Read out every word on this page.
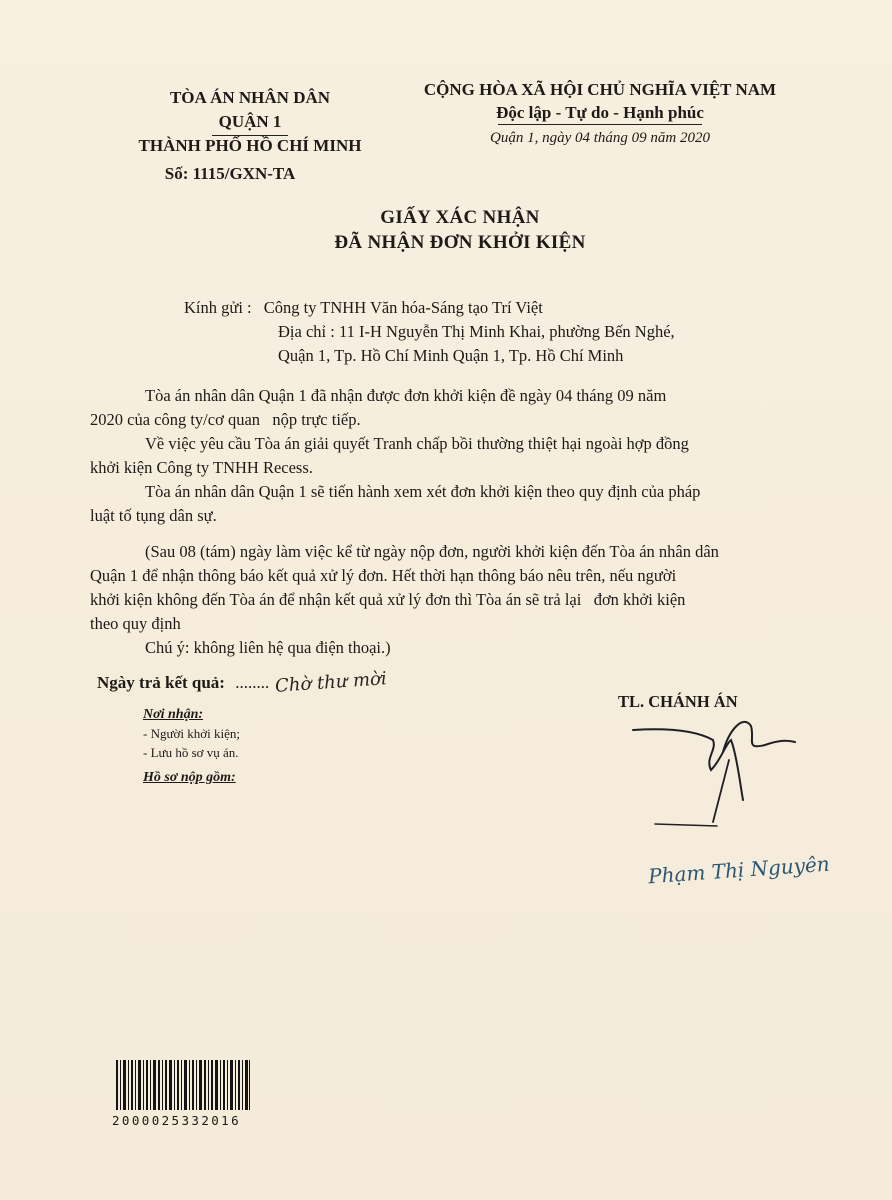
TÒA ÁN NHÂN DÂN
QUẬN 1
THÀNH PHỐ HỒ CHÍ MINH
Số: 1115/GXN-TA
CỘNG HÒA XÃ HỘI CHỦ NGHĨA VIỆT NAM
Độc lập - Tự do - Hạnh phúc
Quận 1, ngày 04 tháng 09 năm 2020
GIẤY XÁC NHẬN
ĐÃ NHẬN ĐƠN KHỞI KIỆN
Kính gửi : Công ty TNHH Văn hóa-Sáng tạo Trí Việt
Địa chỉ : 11 I-H Nguyễn Thị Minh Khai, phường Bến Nghé,
Quận 1, Tp. Hồ Chí Minh Quận 1, Tp. Hồ Chí Minh
Tòa án nhân dân Quận 1 đã nhận được đơn khởi kiện đề ngày 04 tháng 09 năm
2020 của công ty/cơ quan   nộp trực tiếp.
Về việc yêu cầu Tòa án giải quyết Tranh chấp bồi thường thiệt hại ngoài hợp đồng
khởi kiện Công ty TNHH Recess.
Tòa án nhân dân Quận 1 sẽ tiến hành xem xét đơn khởi kiện theo quy định của pháp
luật tố tụng dân sự.
(Sau 08 (tám) ngày làm việc kể từ ngày nộp đơn, người khởi kiện đến Tòa án nhân dân
Quận 1 để nhận thông báo kết quả xử lý đơn. Hết thời hạn thông báo nêu trên, nếu người
khởi kiện không đến Tòa án để nhận kết quả xử lý đơn thì Tòa án sẽ trả lại   đơn khởi kiện
theo quy định
Chú ý: không liên hệ qua điện thoại.)
Ngày trả kết quả: ........ Chờ thư mời
Nơi nhận:
- Người khởi kiện;
- Lưu hồ sơ vụ án.
Hồ sơ nộp gồm:
TL. CHÁNH ÁN
Phạm Thị Nguyên
2000025332016
